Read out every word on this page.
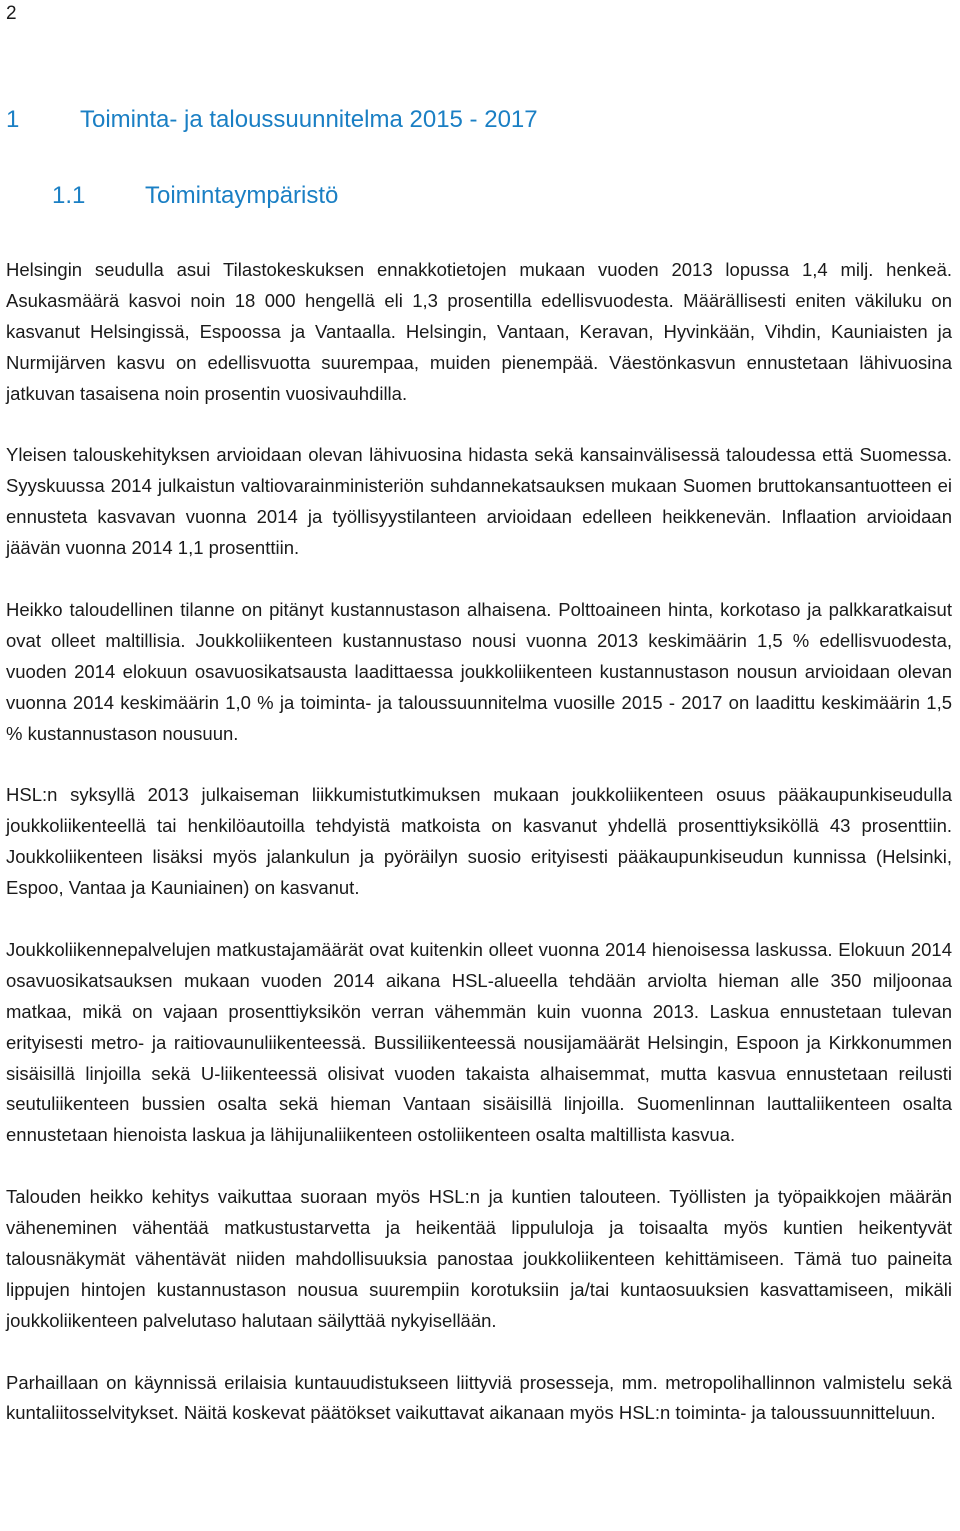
2
1	Toiminta- ja taloussuunnitelma 2015 - 2017
1.1 Toimintaympäristö

Helsingin seudulla asui Tilastokeskuksen ennakkotietojen mukaan vuoden 2013 lopussa 1,4 milj. henkeä. Asukasmäärä kasvoi noin 18 000 hengellä eli 1,3 prosentilla edellisvuodesta. Määrällisesti eniten väkiluku on kasvanut Helsingissä, Espoossa ja Vantaalla. Helsingin, Vantaan, Keravan, Hyvinkään, Vihdin, Kauniaisten ja Nurmijärven kasvu on edellisvuotta suurempaa, muiden pienempää. Väestönkasvun ennustetaan lähivuosina jatkuvan tasaisena noin prosentin vuosivauhdilla.

Yleisen talouskehityksen arvioidaan olevan lähivuosina hidasta sekä kansainvälisessä taloudessa että Suomessa. Syyskuussa 2014 julkaistun valtiovarainministeriön suhdannekatsauksen mukaan Suomen bruttokansantuotteen ei ennusteta kasvavan vuonna 2014 ja työllisyystilanteen arvioidaan edelleen heikkenevän. Inflaation arvioidaan jäävän vuonna 2014 1,1 prosenttiin.

Heikko taloudellinen tilanne on pitänyt kustannustason alhaisena. Polttoaineen hinta, korkotaso ja palkkaratkaisut ovat olleet maltillisia. Joukkoliikenteen kustannustaso nousi vuonna 2013 keskimäärin 1,5 % edellisvuodesta, vuoden 2014 elokuun osavuosikatsausta laadittaessa joukkoliikenteen kustannustason nousun arvioidaan olevan vuonna 2014 keskimäärin 1,0 % ja toiminta- ja taloussuunnitelma vuosille 2015 - 2017 on laadittu keskimäärin 1,5 % kustannustason nousuun.

HSL:n syksyllä 2013 julkaiseman liikkumistutkimuksen mukaan joukkoliikenteen osuus pääkaupunkiseudulla joukkoliikenteellä tai henkilöautoilla tehdyistä matkoista on kasvanut yhdellä prosenttiyksiköllä 43 prosenttiin. Joukkoliikenteen lisäksi myös jalankulun ja pyöräilyn suosio erityisesti pääkaupunkiseudun kunnissa (Helsinki, Espoo, Vantaa ja Kauniainen) on kasvanut.

Joukkoliikennepalvelujen matkustajamäärät ovat kuitenkin olleet vuonna 2014 hienoisessa laskussa. Elokuun 2014 osavuosikatsauksen mukaan vuoden 2014 aikana HSL-alueella tehdään arviolta hieman alle 350 miljoonaa matkaa, mikä on vajaan prosenttiyksikön verran vähemmän kuin vuonna 2013. Laskua ennustetaan tulevan erityisesti metro- ja raitiovaunuliikenteessä. Bussiliikenteessä nousijamäärät Helsingin, Espoon ja Kirkkonummen sisäisillä linjoilla sekä U-liikenteessä olisivat vuoden takaista alhaisemmat, mutta kasvua ennustetaan reilusti seutuliikenteen bussien osalta sekä hieman Vantaan sisäisillä linjoilla. Suomenlinnan lauttaliikenteen osalta ennustetaan hienoista laskua ja lähijunaliikenteen ostoliikenteen osalta maltillista kasvua.

Talouden heikko kehitys vaikuttaa suoraan myös HSL:n ja kuntien talouteen. Työllisten ja työpaikkojen määrän väheneminen vähentää matkustustarvetta ja heikentää lippululoja ja toisaalta myös kuntien heikentyvät talousnäkymät vähentävät niiden mahdollisuuksia panostaa joukkoliikenteen kehittämiseen. Tämä tuo paineita lippujen hintojen kustannustason nousua suurempiin korotuksiin ja/tai kuntaosuuksien kasvattamiseen, mikäli joukkoliikenteen palvelutaso halutaan säilyttää nykyisellään.

Parhaillaan on käynnissä erilaisia kuntauudistukseen liittyviä prosesseja, mm. metropolihallinnon valmistelu sekä kuntaliitosselvitykset. Näitä koskevat päätökset vaikuttavat aikanaan myös HSL:n toiminta- ja taloussuunnitteluun.
